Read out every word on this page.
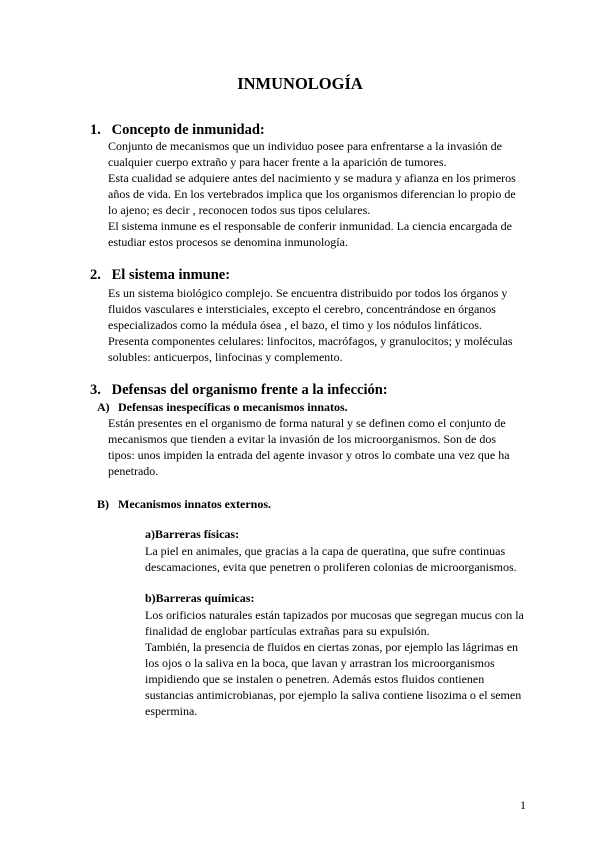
INMUNOLOGÍA
1. Concepto de inmunidad:
Conjunto de mecanismos que un individuo posee para enfrentarse a la invasión de
cualquier cuerpo extraño y para hacer frente a la aparición de tumores.
Esta cualidad se adquiere antes del nacimiento y se madura y afianza en los primeros
años de vida. En los vertebrados implica que los organismos diferencian lo propio de
lo ajeno; es decir , reconocen todos sus tipos celulares.
El sistema inmune es el responsable de conferir inmunidad. La ciencia encargada de
estudiar estos procesos se denomina inmunología.
2. El sistema inmune:
Es un sistema biológico complejo. Se encuentra distribuido por todos los órganos y
fluidos vasculares e intersticiales, excepto el cerebro, concentrándose en órganos
especializados como la médula ósea , el bazo, el timo y los nódulos linfáticos.
Presenta componentes celulares: linfocitos, macrófagos, y granulocitos; y moléculas
solubles: anticuerpos, linfocinas y complemento.
3. Defensas del organismo frente a la infección:
A) Defensas inespecíficas o mecanismos innatos.
Están presentes en el organismo de forma natural y se definen como el conjunto de
mecanismos que tienden a evitar la invasión de los microorganismos. Son de dos
tipos: unos impiden la entrada del agente invasor y otros lo combate una vez que ha
penetrado.
B) Mecanismos innatos externos.
a)Barreras físicas:
La piel en animales, que gracias a la capa de queratina, que sufre continuas
descamaciones, evita que penetren o proliferen colonias de microorganismos.
b)Barreras químicas:
Los orificios naturales están tapizados por mucosas que segregan mucus con la
finalidad de englobar partículas extrañas para su expulsión.
También, la presencia de fluidos en ciertas zonas, por ejemplo las lágrimas en
los ojos o la saliva en la boca, que lavan y arrastran los microorganismos
impidiendo que se instalen o penetren. Además estos fluidos contienen
sustancias antimicrobianas, por ejemplo la saliva contiene lisozima o el semen
espermina.
1
